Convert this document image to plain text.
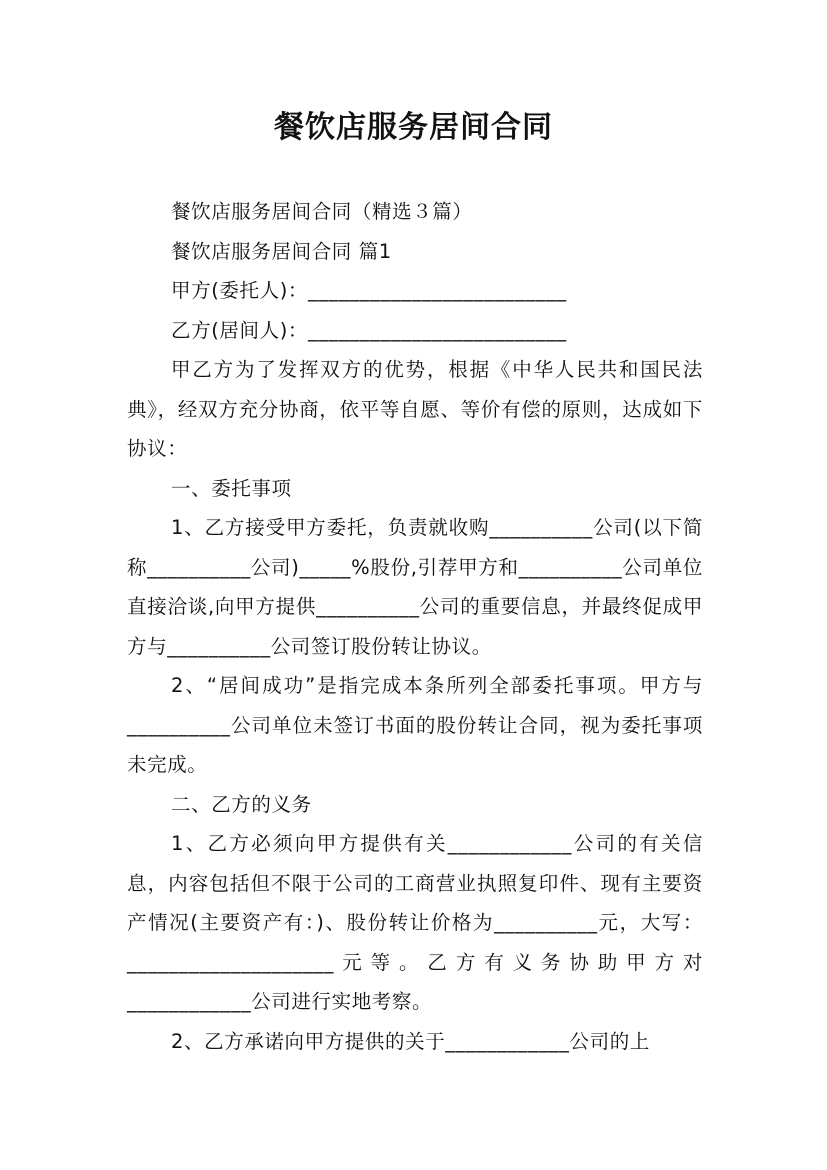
餐饮店服务居间合同

餐饮店服务居间合同（精选３篇）

餐饮店服务居间合同 篇1

甲方(委托人)：_________________________

乙方(居间人)：_________________________

甲乙方为了发挥双方的优势，根据《中华人民共和国民法典》，经双方充分协商，依平等自愿、等价有偿的原则，达成如下协议：

一、委托事项

1、乙方接受甲方委托，负责就收购__________公司(以下简称__________公司)_____%股份,引荐甲方和__________公司单位直接洽谈,向甲方提供__________公司的重要信息，并最终促成甲方与__________公司签订股份转让协议。

2、“居间成功”是指完成本条所列全部委托事项。甲方与__________公司单位未签订书面的股份转让合同，视为委托事项未完成。

二、乙方的义务

1、乙方必须向甲方提供有关____________公司的有关信息，内容包括但不限于公司的工商营业执照复印件、现有主要资产情况(主要资产有：)、股份转让价格为__________元，大写：____________________元等。乙方有义务协助甲方对____________公司进行实地考察。

2、乙方承诺向甲方提供的关于____________公司的上
